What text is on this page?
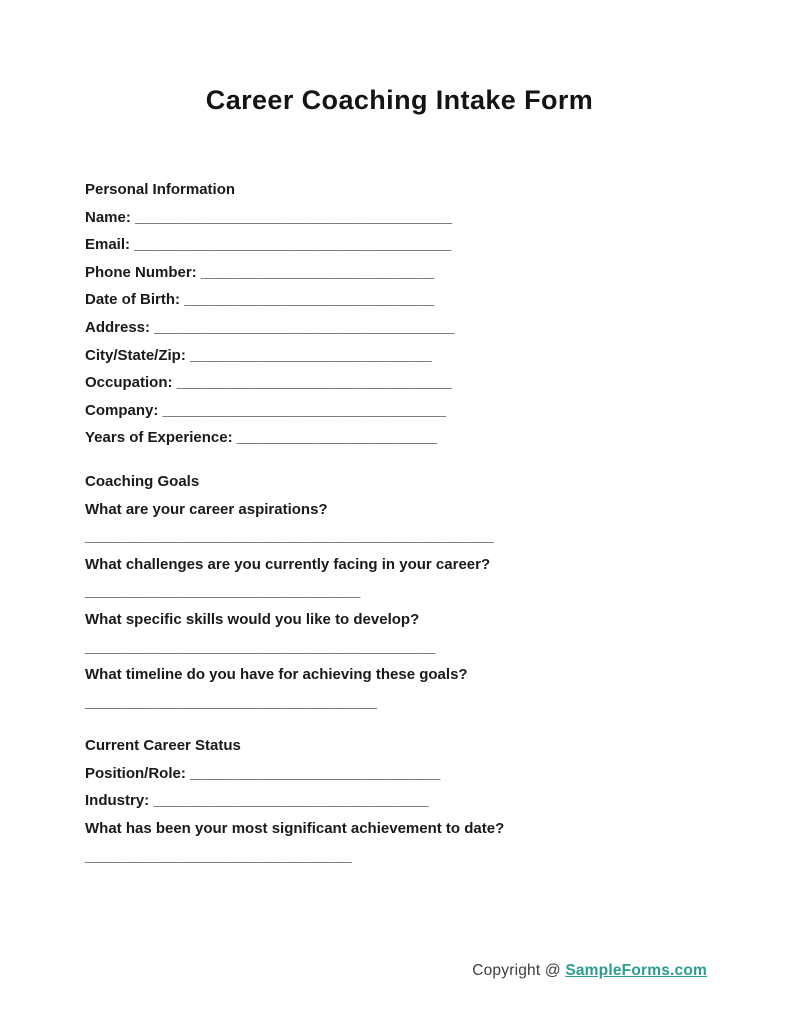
Career Coaching Intake Form

Personal Information

Name: ______________________________________

Email: ______________________________________

Phone Number: ____________________________

Date of Birth: ______________________________

Address: ____________________________________

City/State/Zip: _____________________________

Occupation: _________________________________

Company: __________________________________

Years of Experience: ________________________

Coaching Goals

What are your career aspirations?

_________________________________________________

What challenges are you currently facing in your career?

_________________________________

What specific skills would you like to develop?

__________________________________________

What timeline do you have for achieving these goals?

___________________________________

Current Career Status

Position/Role: ______________________________

Industry: _________________________________

What has been your most significant achievement to date?

________________________________

Copyright @ SampleForms.com
